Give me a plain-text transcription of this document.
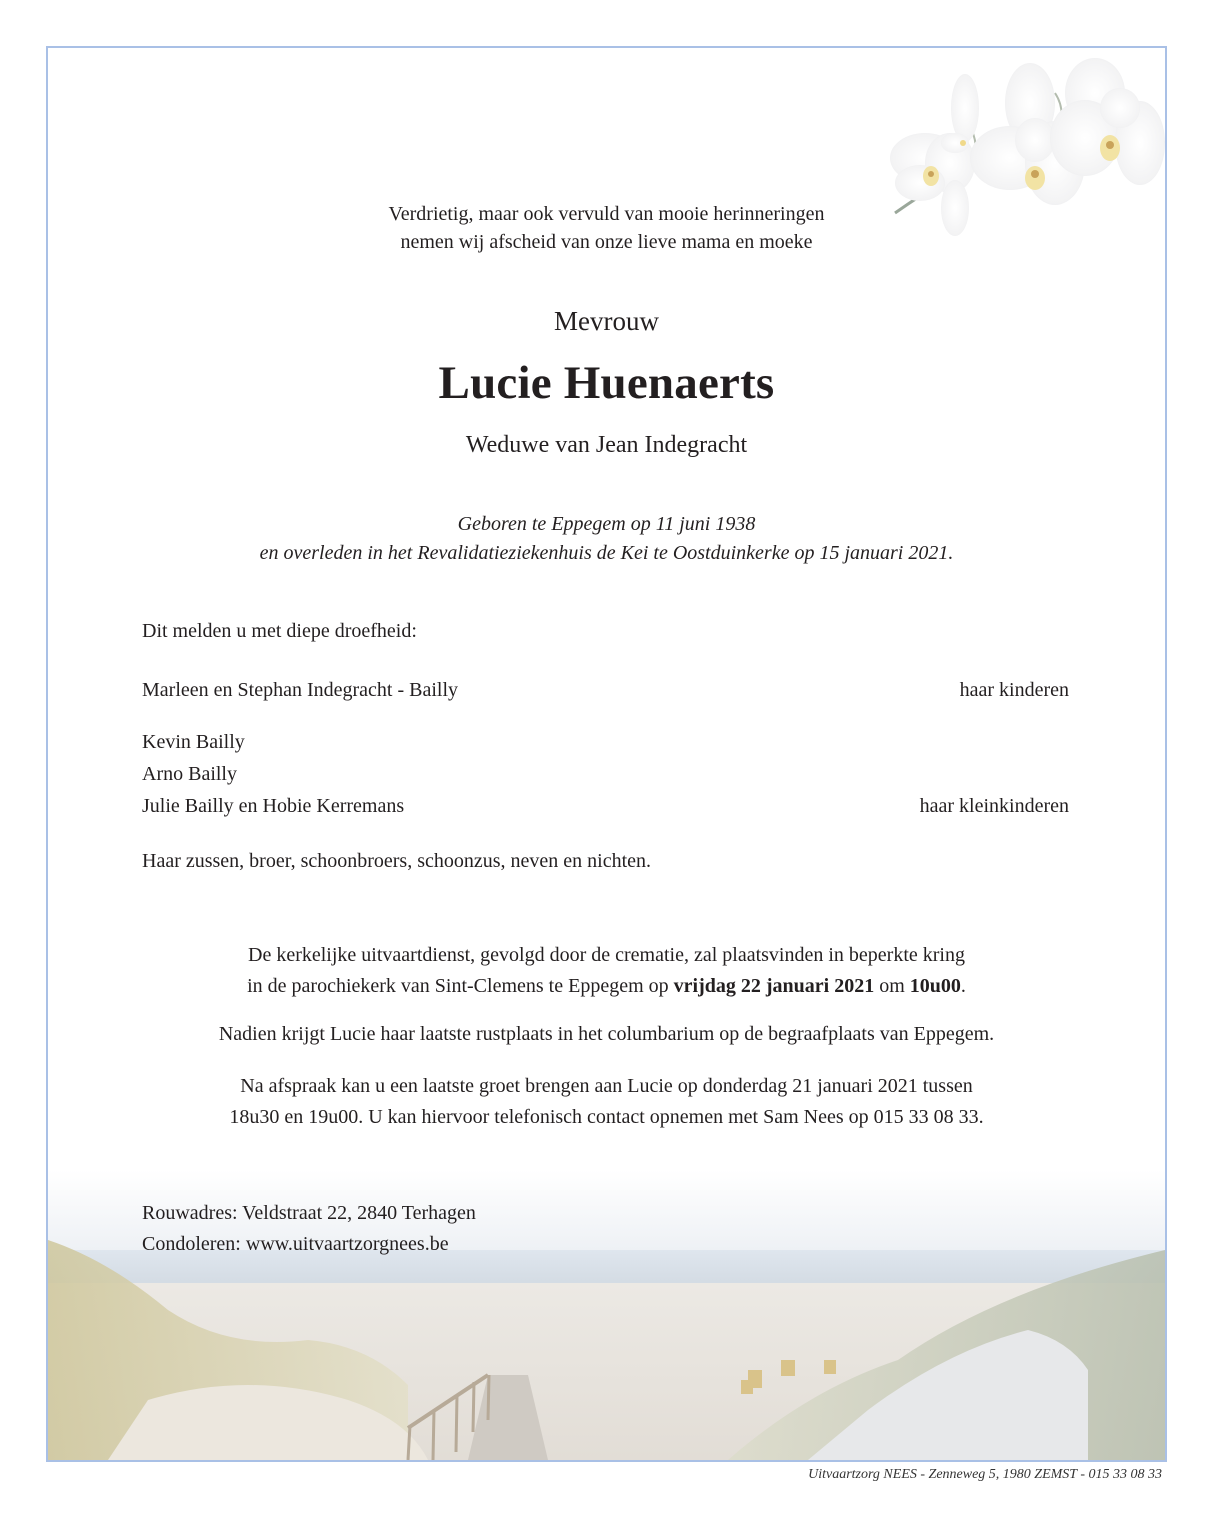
Verdrietig, maar ook vervuld van mooie herinneringen
nemen wij afscheid van onze lieve mama en moeke
Mevrouw
Lucie Huenaerts
Weduwe van Jean Indegracht
Geboren te Eppegem op 11 juni 1938
en overleden in het Revalidatieziekenhuis de Kei te Oostduinkerke op 15 januari 2021.
Dit melden u met diepe droefheid:
Marleen en Stephan Indegracht - Bailly	haar kinderen
Kevin Bailly
Arno Bailly
Julie Bailly en Hobie Kerremans	haar kleinkinderen
Haar zussen, broer, schoonbroers, schoonzus, neven en nichten.
De kerkelijke uitvaartdienst, gevolgd door de crematie, zal plaatsvinden in beperkte kring
in de parochiekerk van Sint-Clemens te Eppegem op vrijdag 22 januari 2021 om 10u00.
Nadien krijgt Lucie haar laatste rustplaats in het columbarium op de begraafplaats van Eppegem.
Na afspraak kan u een laatste groet brengen aan Lucie op donderdag 21 januari 2021 tussen
18u30 en 19u00. U kan hiervoor telefonisch contact opnemen met Sam Nees op 015 33 08 33.
Rouwadres: Veldstraat 22, 2840 Terhagen
Condoleren: www.uitvaartzorgnees.be
Uitvaartzorg NEES - Zenneweg 5, 1980 ZEMST - 015 33 08 33
